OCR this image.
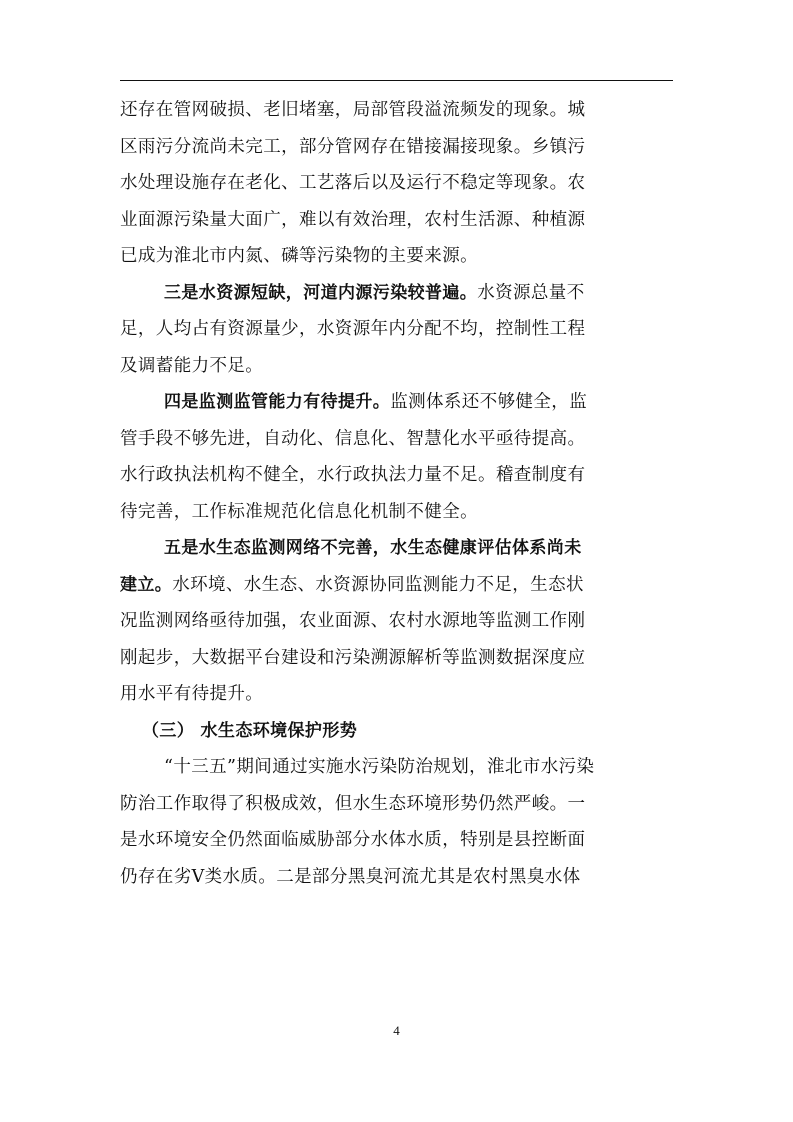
还存在管网破损、老旧堵塞，局部管段溢流频发的现象。城
区雨污分流尚未完工，部分管网存在错接漏接现象。乡镇污
水处理设施存在老化、工艺落后以及运行不稳定等现象。农
业面源污染量大面广，难以有效治理，农村生活源、种植源
已成为淮北市内氮、磷等污染物的主要来源。
三是水资源短缺，河道内源污染较普遍。水资源总量不
足，人均占有资源量少，水资源年内分配不均，控制性工程
及调蓄能力不足。
四是监测监管能力有待提升。监测体系还不够健全，监
管手段不够先进，自动化、信息化、智慧化水平亟待提高。
水行政执法机构不健全，水行政执法力量不足。稽查制度有
待完善，工作标准规范化信息化机制不健全。
五是水生态监测网络不完善，水生态健康评估体系尚未
建立。水环境、水生态、水资源协同监测能力不足，生态状
况监测网络亟待加强，农业面源、农村水源地等监测工作刚
刚起步，大数据平台建设和污染溯源解析等监测数据深度应
用水平有待提升。
（三） 水生态环境保护形势
“十三五”期间通过实施水污染防治规划，淮北市水污染
防治工作取得了积极成效，但水生态环境形势仍然严峻。一
是水环境安全仍然面临威胁部分水体水质，特别是县控断面
仍存在劣V类水质。二是部分黑臭河流尤其是农村黑臭水体
4
